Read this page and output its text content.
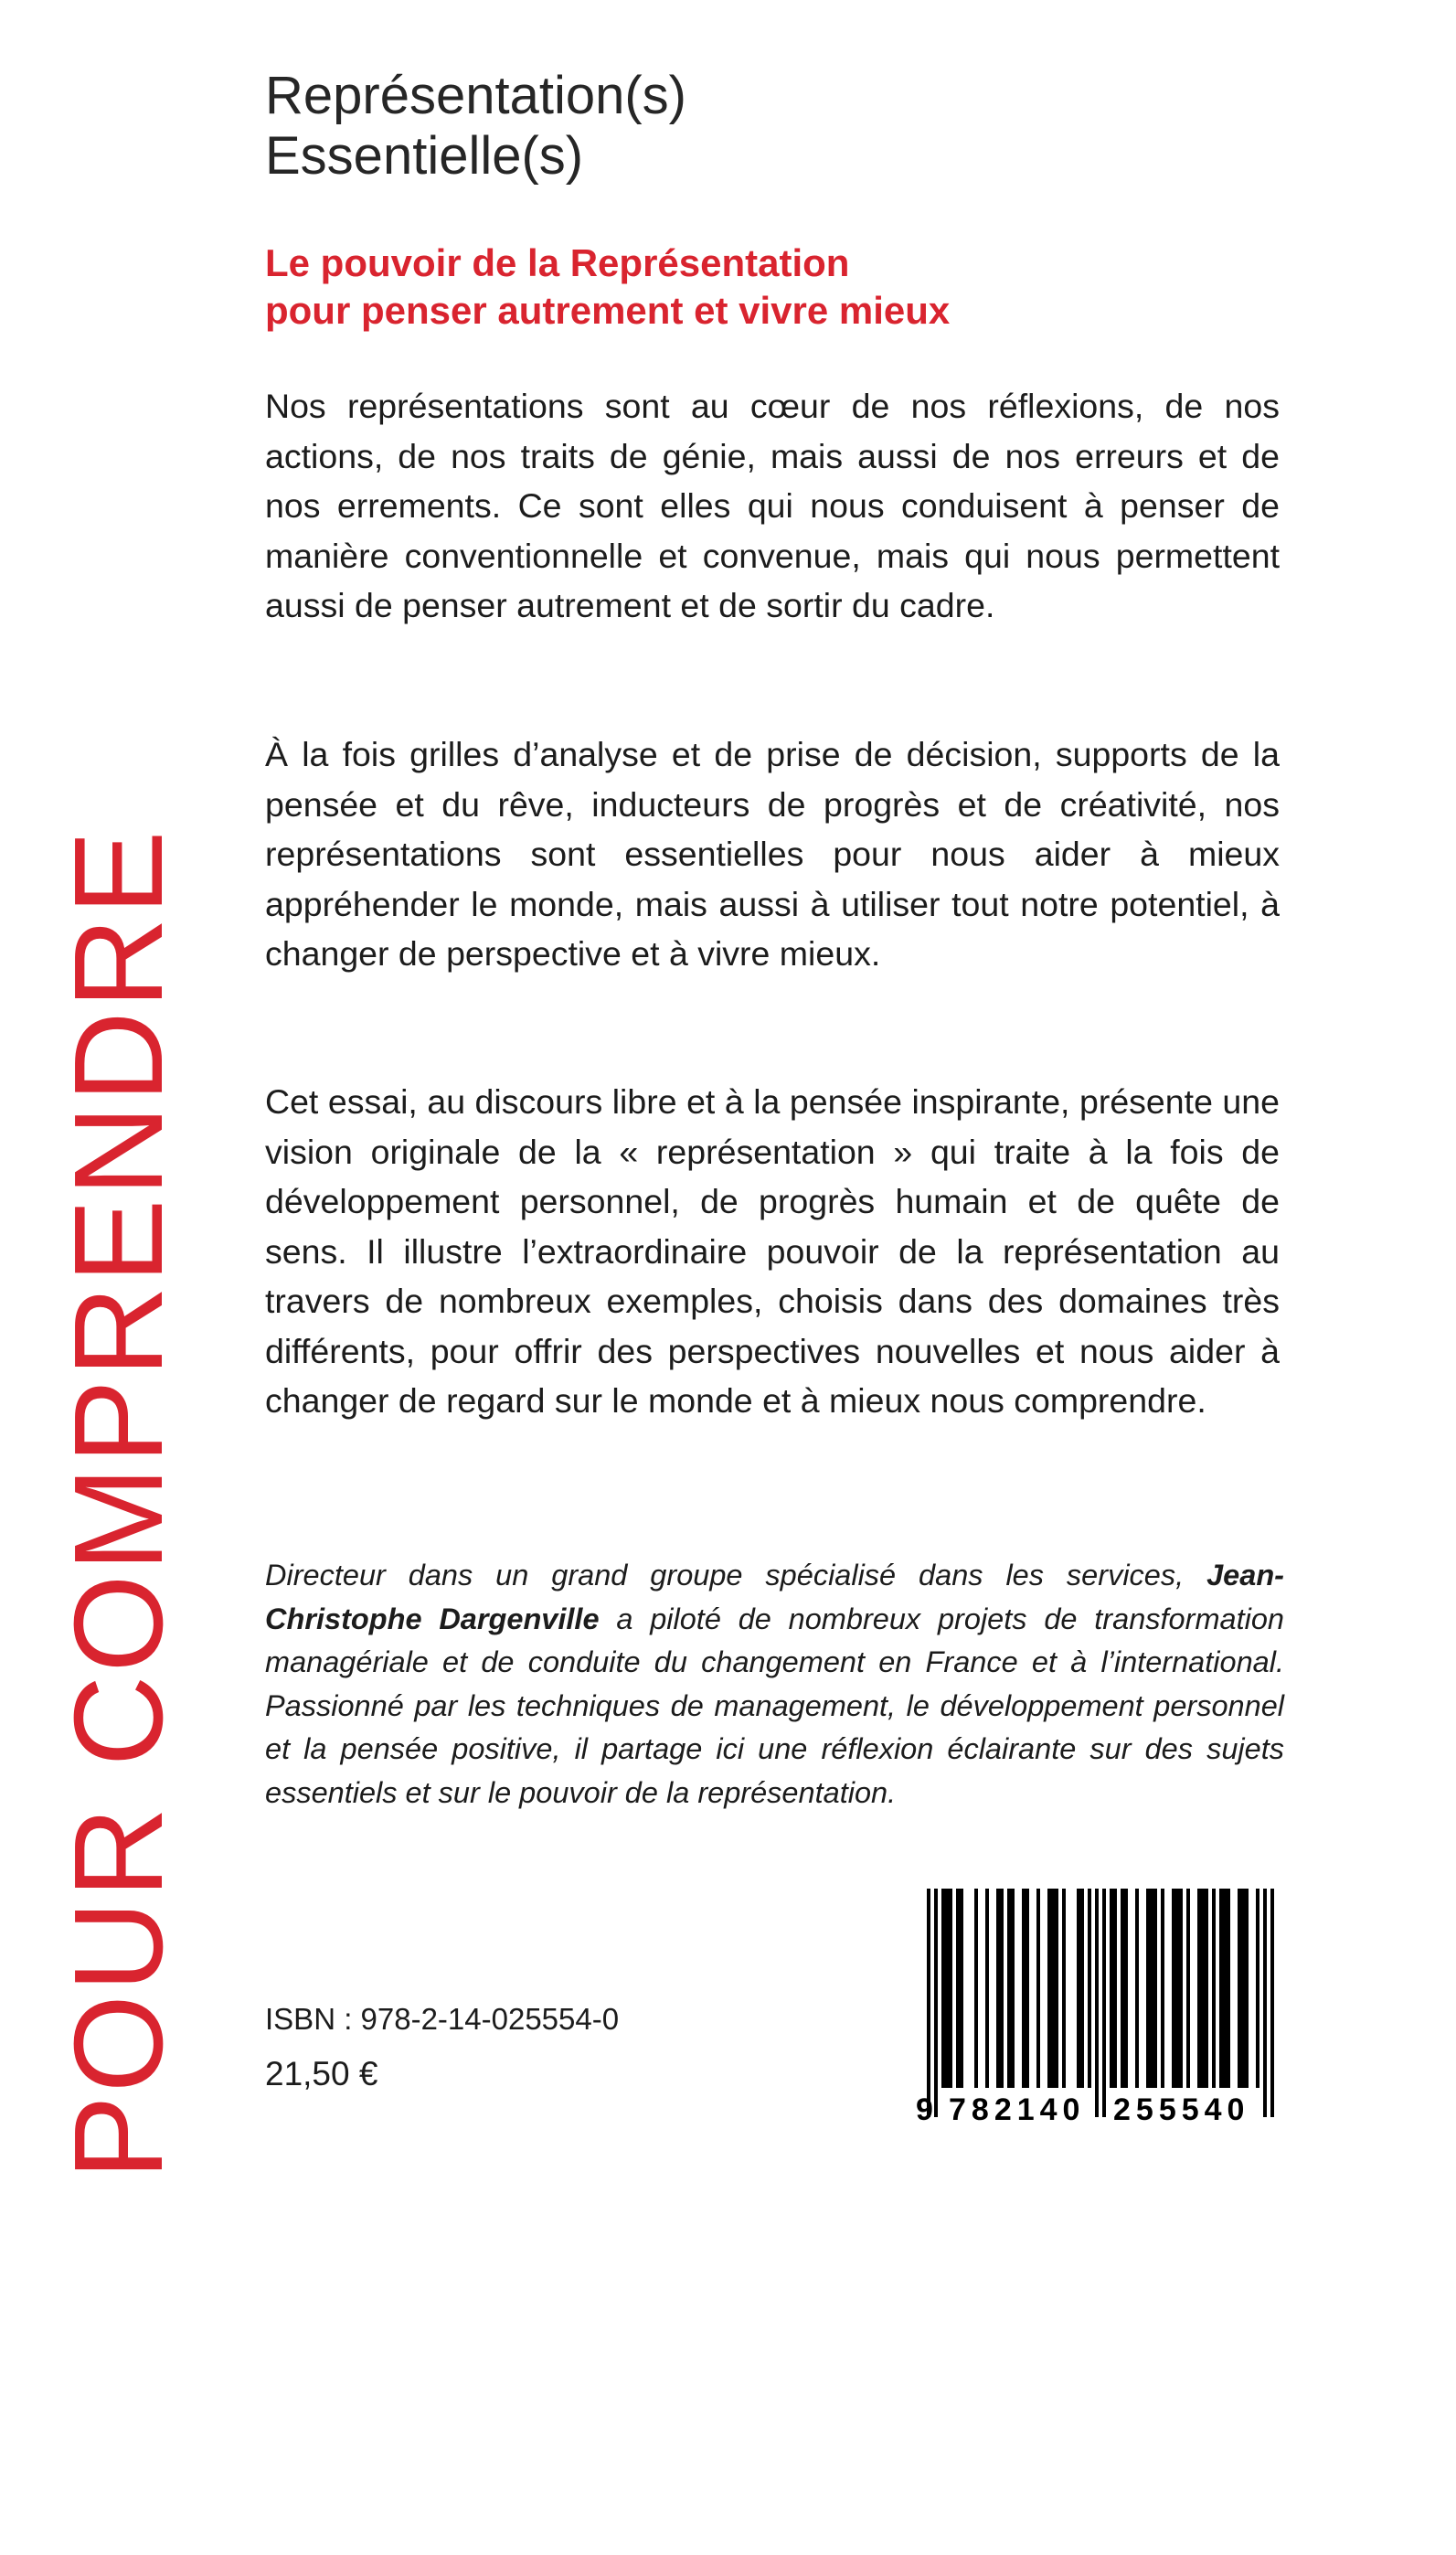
POUR COMPRENDRE
Représentation(s)
Essentielle(s)
Le pouvoir de la Représentation
pour penser autrement et vivre mieux

Nos représentations sont au cœur de nos réflexions, de nos actions, de nos traits de génie, mais aussi de nos erreurs et de nos errements. Ce sont elles qui nous conduisent à penser de manière conventionnelle et convenue, mais qui nous permettent aussi de penser autrement et de sortir du cadre.

À la fois grilles d’analyse et de prise de décision, supports de la pensée et du rêve, inducteurs de progrès et de créativité, nos représentations sont essentielles pour nous aider à mieux appréhender le monde, mais aussi à utiliser tout notre potentiel, à changer de perspective et à vivre mieux.

Cet essai, au discours libre et à la pensée inspirante, présente une vision originale de la « représentation » qui traite à la fois de développement personnel, de progrès humain et de quête de sens. Il illustre l’extraordinaire pouvoir de la représentation au travers de nombreux exemples, choisis dans des domaines très différents, pour offrir des perspectives nouvelles et nous aider à changer de regard sur le monde et à mieux nous comprendre.

Directeur dans un grand groupe spécialisé dans les services, Jean-Christophe Dargenville a piloté de nombreux projets de transformation managériale et de conduite du changement en France et à l’international. Passionné par les techniques de management, le développement personnel et la pensée positive, il partage ici une réflexion éclairante sur des sujets essentiels et sur le pouvoir de la représentation.

ISBN : 978-2-14-025554-0
21,50 €
9 782140 255540
